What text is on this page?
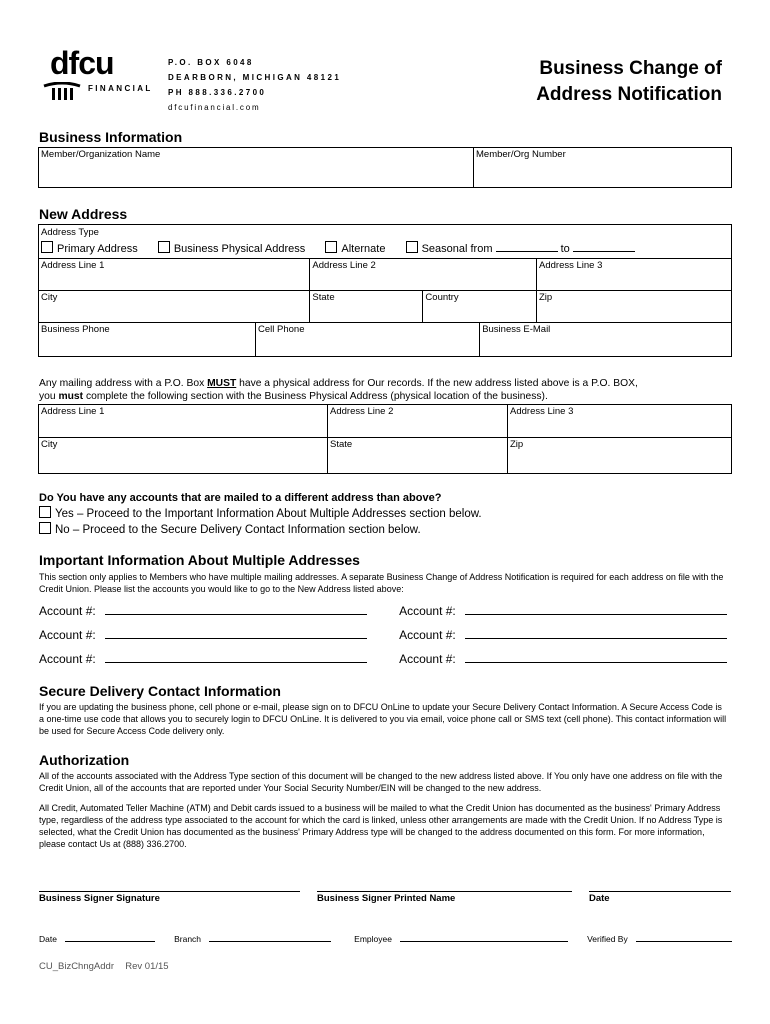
dfcu
FINANCIAL
P.O. BOX 6048
DEARBORN, MICHIGAN 48121
PH 888.336.2700
dfcufinancial.com
Business Change of
Address Notification
Business Information
Member/Organization Name	Member/Org Number
New Address
Address Type
Primary Address Business Physical Address Alternate Seasonal from to					

Address Line 1		Address Line 2			Address Line 3
City		State	Country		Zip
Business Phone	Cell Phone			Business E-Mail	
Any mailing address with a P.O. Box MUST have a physical address for Our records. If the new address listed above is a P.O. BOX,
you must complete the following section with the Business Physical Address (physical location of the business).
Address Line 1	Address Line 2	Address Line 3
City	State	Zip
Do You have any accounts that are mailed to a different address than above?
Yes – Proceed to the Important Information About Multiple Addresses section below.
No – Proceed to the Secure Delivery Contact Information section below.
Important Information About Multiple Addresses
This section only applies to Members who have multiple mailing addresses. A separate Business Change of Address Notification is required for each address on file with the Credit Union. Please list the accounts you would like to go to the New Address listed above:
Account #:	Account #:
Account #:	Account #:
Account #:	Account #:
Secure Delivery Contact Information
If you are updating the business phone, cell phone or e-mail, please sign on to DFCU OnLine to update your Secure Delivery Contact Information. A Secure Access Code is a one-time use code that allows you to securely login to DFCU OnLine. It is delivered to you via email, voice phone call or SMS text (cell phone). This contact information will be used for Secure Access Code delivery only.
Authorization
All of the accounts associated with the Address Type section of this document will be changed to the new address listed above. If You only have one address on file with the Credit Union, all of the accounts that are reported under Your Social Security Number/EIN will be changed to the new address.
All Credit, Automated Teller Machine (ATM) and Debit cards issued to a business will be mailed to what the Credit Union has documented as the business' Primary Address type, regardless of the address type associated to the account for which the card is linked, unless other arrangements are made with the Credit Union. If no Address Type is selected, what the Credit Union has documented as the business' Primary Address type will be changed to the address documented on this form. For more information, please contact Us at (888) 336.2700.
Business Signer Signature	Business Signer Printed Name	Date
Date	Branch	Employee	Verified By
CU_BizChngAddr Rev 01/15
